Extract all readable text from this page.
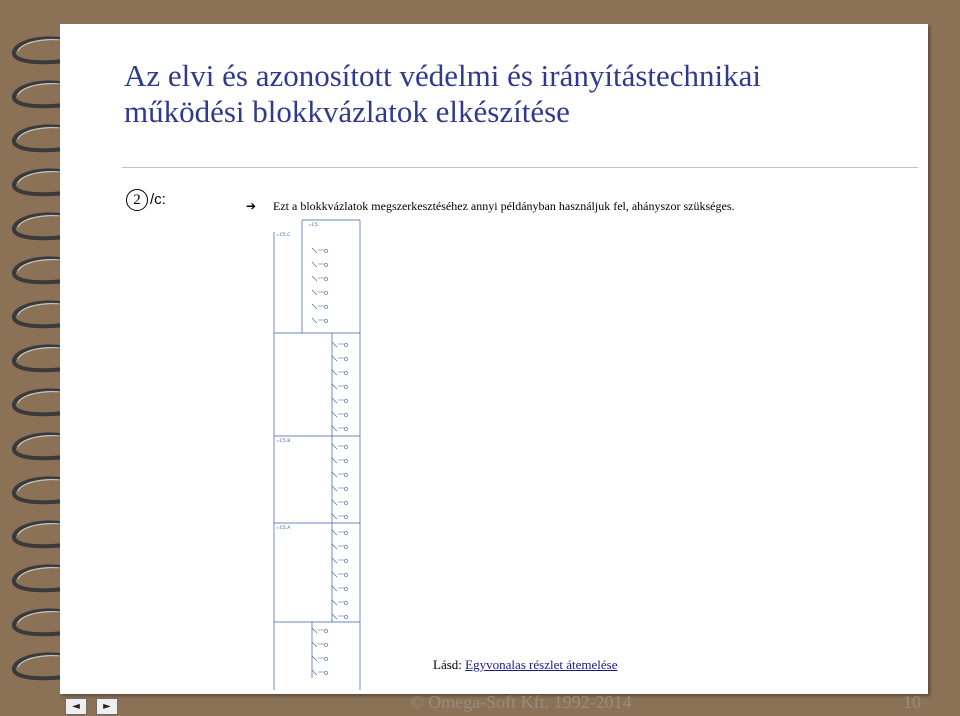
Az elvi és azonosított védelmi és irányítástechnikai
működési blokkvázlatok elkészítése
2 /c:	➔ Ezt a blokkvázlatok megszerkesztéséhez annyi példányban használjuk fel, ahányszor szükséges.
=C5.
=C5.C
=C5.B
=C5.A
Lásd: Egyvonalas részlet átemelése
© Omega-Soft Kft. 1992-2014	10
◄	►
